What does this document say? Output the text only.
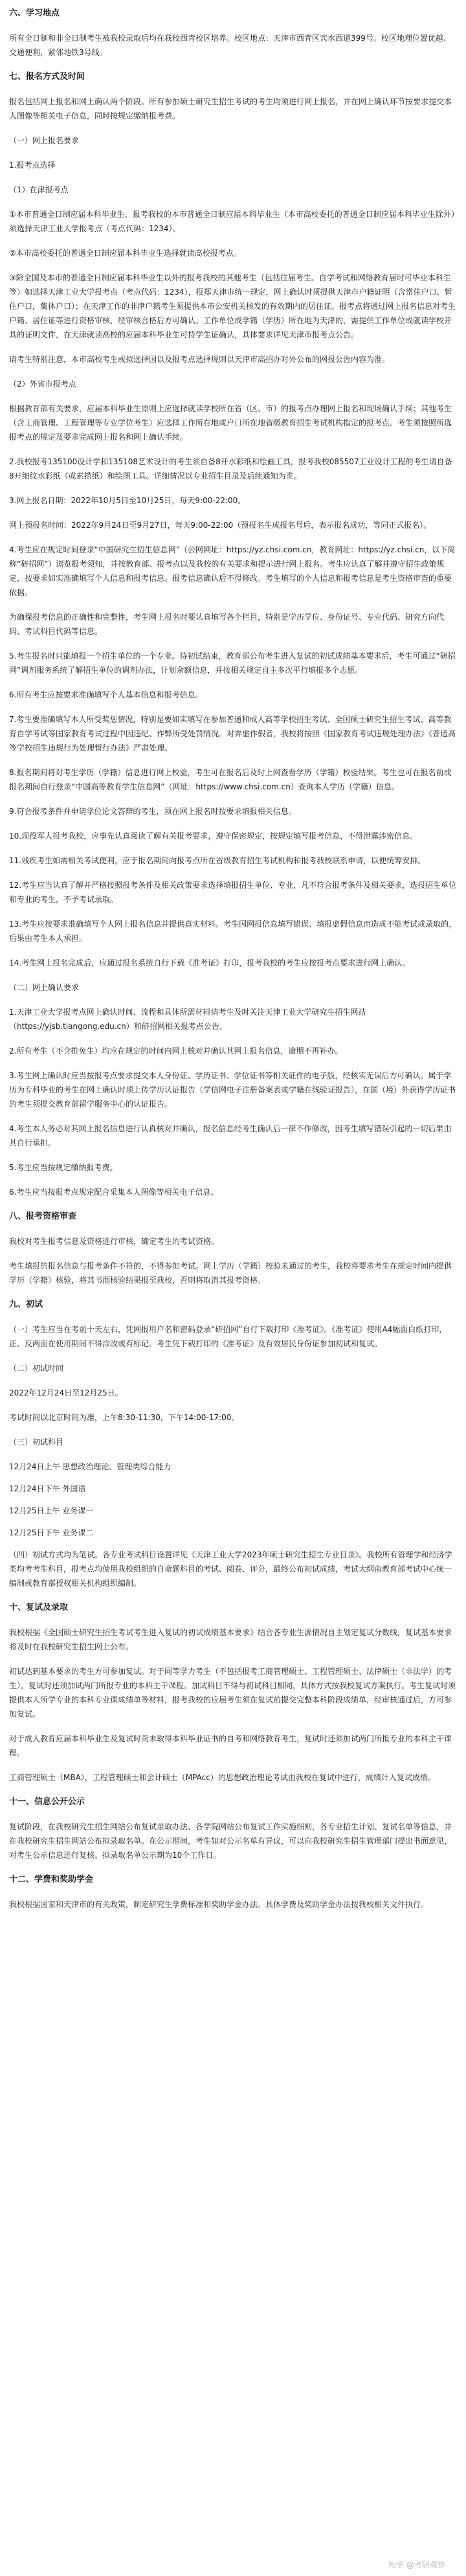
六、学习地点
所有全日制和非全日制考生被我校录取后均在我校西青校区培养。校区地点：天津市西青区宾水西道399号。校区地理位置优越、交通便利，紧邻地铁3号线。
七、报名方式及时间
报名包括网上报名和网上确认两个阶段。所有参加硕士研究生招生考试的考生均须进行网上报名，并在网上确认环节按要求提交本人图像等相关电子信息，同时按规定缴纳报考费。
（一）网上报名要求
1.报考点选择
（1）在津报考点
①本市普通全日制应届本科毕业生，报考我校的本市普通全日制应届本科毕业生（本市高校委托的普通全日制应届本科毕业生除外）须选择天津工业大学报考点（考点代码：1234）。
②本市高校委托的普通全日制应届本科毕业生选择就读高校报考点。
③除全国及本市的普通全日制应届本科毕业生以外的报考我校的其他考生（包括往届考生、自学考试和网络教育届时可毕业本科生等）如选择天津工业大学报考点（考点代码：1234），报郑天津市统一规定，网上确认时须提供天津市户籍证明（含常住户口、暂住户口，集体户口）；在天津工作的非津户籍考生须提供本市公安机关核发的有效期内的居住证。报考点将通过网上报名信息对考生户籍、居住证等进行资格审核，经审核合格后方可确认。工作单位或学籍（学历）所在地为天津的，需提供工作单位或就读学校开具的证明文件，在天津就读高校的应届本科毕业生可持学生证确认，具体要求详见天津市报考点公告。
请考生特别注意，本市高校考生或拟选择国以及报考点选择规则以天津市高招办对外公布的网报公告内容为准。
（2）外省市报考点
根据教育部有关要求，应届本科毕业生原则上应选择就读学校所在省（区、市）的报考点办理网上报名和现场确认手续；其他考生（含工商管理、工程管理等专业学位考生）应选择工作所在地或户口所在地省级教育招生考试机构指定的报考点。考生须按照所选报考点的规定及要求完成网上报名和网上确认手续。
2.我校报考135100设计学和135108艺术设计的考生须自备8开水彩纸和绘画工具，报考我校085507工业设计工程的考生请自备8开细纹水彩纸（或素描纸）和绘图工具。详细情况以专业招生目录及后续通知为准。
3.网上报名日期：2022年10月5日至10月25日，每天9:00-22:00。
网上预报名时间：2022年9月24日至9月27日，每天9:00-22:00（预报名生成报名号后，表示报名成功，等同正式报名）。
4.考生应在规定时间登录“中国研究生招生信息网”（公网网址：https://yz.chsi.com.cn，教育网址：https://yz.chsi.cn，以下简称“研招网”）浏览报考须知，并按教育部、报考点以及我校的有关要求和提示进行网上报名。考生应认真了解并遵守招生政策规定，按要求如实准确填写个人信息和报考信息。报考信息确认后不得修改。考生填写的个人信息和报考信息是考生资格审查的重要依据。
为确保报考信息的正确性和完整性，考生网上报名时要认真填写各个栏目，特别是学历学位、身份证号、专业代码、研究方向代码、考试科目代码等信息。
5.考生报名时只能填报一个招生单位的一个专业。待初试结束，教育部公布考生进入复试的初试成绩基本要求后，考生可通过“研招网”调剂服务系统了解招生单位的调剂办法，计划余额信息，并按相关规定自主多次平行填报多个志愿。
6.所有考生应按要求准确填写个人基本信息和报考信息。
7.考生要准确填写本人所受奖惩情况，特别是要如实填写在参加普通和成人高等学校招生考试、全国硕士研究生招生考试、高等教育自学考试等国家教育考试过程中因违纪、作弊所受处罚情况。对弄虚作假者，我校将按照《国家教育考试违规处理办法》《普通高等学校招生违规行为处理暂行办法》严肃处理。
8.报名期间将对考生学历（学籍）信息进行网上校验，考生可在报名后及时上网查看学历（学籍）校验结果。考生也可在报名前或报名期间自行登录“中国高等教育学生信息网”（网址：https://www.chsi.com.cn）查询本人学历（学籍）信息。
9.符合报考条件并申请学位论文答辩的考生，须在网上报名时按要求填报相关信息。
10.现役军人报考我校，应事先认真阅读了解有关报考要求，遵守保密规定，按规定填写报考信息，不得泄露涉密信息。
11.残疾考生如需相关考试便利，应于报名期间向报考点所在省级教育招生考试机构和报考我校联系申请，以便统筹安排。
12.考生应当认真了解并严格按照报考条件及相关政策要求选择填报招生单位、专业，凡不符合报考条件及相关要求，选报招生单位和专业的考生，不予考试录取。
13.考生应按要求准确填写个人网上报名信息并提供真实材料。考生因网报信息填写错误、填报虚假信息而造成不能考试或录取的，后果由考生本人承担。
14.考生网上报名完成后，应通过报名系统自行下载《准考证》打印，报考我校的考生应按报考点要求进行网上确认。
（二）网上确认要求
1.天津工业大学报考点网上确认时间、流程和具体所需材料请考生及时关注天津工业大学研究生招生网站（https://yjsb.tiangong.edu.cn）和研招网相关报考点公告。
2.所有考生（不含推免生）均应在规定的时间内网上核对并确认其网上报名信息，逾期不再补办。
3.考生网上确认时应当按报考点要求提交本人身份证、学历证书、学位证书等相关证件的电子版，经核实无误后方可确认。属于学历为专科毕业的考生在网上确认时须上传学历认证报告（学信网电子注册备案表或学籍在线验证报告），在国（境）外获得学历证书的考生须提交教育部留学服务中心的认证报告。
4.考生本人务必对其网上报名信息进行认真核对并确认，报名信息经考生确认后一律不作修改，因考生填写错误引起的一切后果由其自行承担。
5.考生应当按规定缴纳报考费。
6.考生应当按报考点规定配合采集本人图像等相关电子信息。
八、报考资格审查
我校对考生报考信息及资格进行审核，确定考生的考试资格。
考生填报的报名信息与报考条件不符的，不得参加考试。网上学历（学籍）校验未通过的考生，我校将要求考生在规定时间内提供学历（学籍）核验，将其书面核验结果报至我校，否则将取消其报考资格。
九、初试
（一）考生应当在考前十天左右，凭网报用户名和密码登录“研招网”自行下载打印《准考证》。《准考证》使用A4幅面白纸打印，正、反两面在使用期间不得涂改或有标记。考生凭下载打印的《准考证》及有效居民身份证参加初试和复试。
（二）初试时间
2022年12月24日至12月25日。
考试时间以北京时间为准，上午8:30-11:30，下午14:00-17:00。
（三）初试科目
12月24日上午 思想政治理论、管理类综合能力
12月24日下午 外国语
12月25日上午 业务课一
12月25日下午 业务课二
（四）初试方式均为笔试。各专业考试科目设置详见《天津工业大学2023年硕士研究生招生专业目录》。我校所有管理学和经济学类均考考生科目，报考点均使用我校组织的自命题科目的考试、阅卷、评分，最终公布初试成绩，考试大纲由教育部考试中心统一编制或教育部授权相关机构组织编制。
十、复试及录取
我校根据《全国硕士研究生招生考试考生进入复试的初试成绩基本要求》结合各专业生源情况自主划定复试分数线，复试基本要求将及时在我校研究生招生网上公布。
初试达到基本要求的考生方可参加复试。对于同等学力考生（不包括报考工商管理硕士、工程管理硕士、法律硕士（非法学）的考生），复试时还须加试两门所报专业的本科主干课程。加试科目不得与初试科目相同，具体方式按我校复试方案执行。考生复试时须提供本人所学专业的本科专业课成绩单等材料，报考我校的应届考生须在复试前提交完整本科阶段成绩单，经审核通过后，方可参加复试。
对于成人教育应届本科毕业生及复试时尚未取得本科毕业证书的自考和网络教育考生，复试时还须加试两门所报专业的本科主干课程。
工商管理硕士（MBA），工程管理硕士和会计硕士（MPAcc）的思想政治理论考试由我校在复试中进行，成绩计入复试成绩。
十一、信息公开公示
复试阶段，在我校研究生招生网站公布复试录取办法、各学院网站公布复试工作实施细则，各专业招生计划、复试名单等信息，并在我校研究生招生网站公布拟录取名单。在公示期间，考生如对公示名单有异议，可以向我校研究生招生管理部门提出书面意见，对考生公示信息进行复核。拟录取名单公示期为10个工作日。
十二、学费和奖助学金
我校根据国家和天津市的有关政策，制定研究生学费标准和奖助学金办法。具体学费及奖助学金办法按我校相关文件执行。
知乎 @考研观察
